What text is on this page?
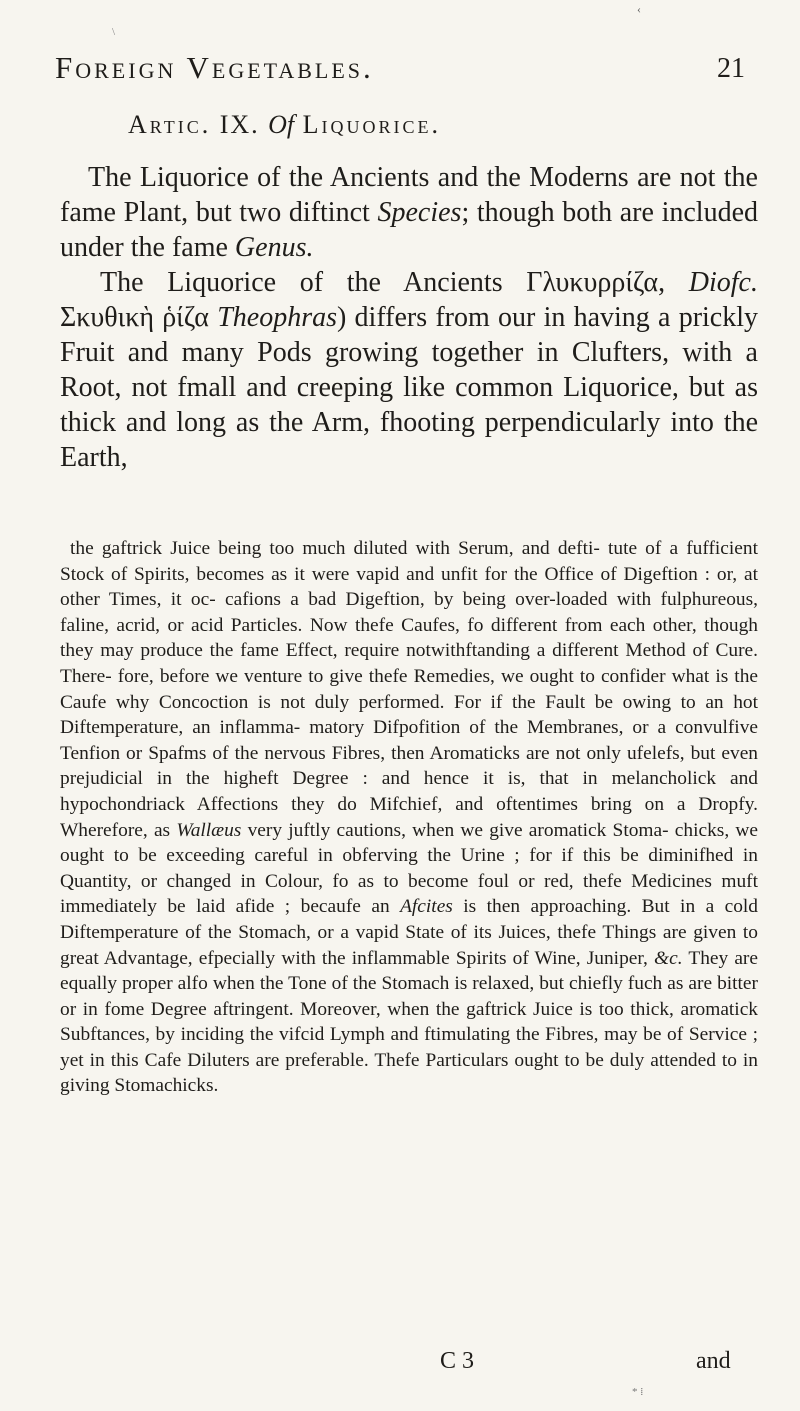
‹
\
Foreign Vegetables.	21
Artic. IX. Of Liquorice.

The Liquorice of the Ancients and the Moderns are not the fame Plant, but two diftinct Species; though both are included under the fame Genus.

The Liquorice of the Ancients Γλυκυρρίζα, Diofc. Σκυθικὴ ῥίζα Theophras) differs from our in having a prickly Fruit and many Pods growing together in Clufters, with a Root, not fmall and creeping like common Liquorice, but as thick and long as the Arm, fhooting perpendicularly into the Earth,

the gaftrick Juice being too much diluted with Serum, and defti- tute of a fufficient Stock of Spirits, becomes as it were vapid and unfit for the Office of Digeftion : or, at other Times, it oc- cafions a bad Digeftion, by being over-loaded with fulphureous, faline, acrid, or acid Particles. Now thefe Caufes, fo different from each other, though they may produce the fame Effect, require notwithftanding a different Method of Cure. There- fore, before we venture to give thefe Remedies, we ought to confider what is the Caufe why Concoction is not duly performed. For if the Fault be owing to an hot Diftemperature, an inflamma- matory Difpofition of the Membranes, or a convulfive Tenfion or Spafms of the nervous Fibres, then Aromaticks are not only ufelefs, but even prejudicial in the higheft Degree : and hence it is, that in melancholick and hypochondriack Affections they do Mifchief, and oftentimes bring on a Dropfy. Wherefore, as Wallæus very juftly cautions, when we give aromatick Stoma- chicks, we ought to be exceeding careful in obferving the Urine ; for if this be diminifhed in Quantity, or changed in Colour, fo as to become foul or red, thefe Medicines muft immediately be laid afide ; becaufe an Afcites is then approaching. But in a cold Diftemperature of the Stomach, or a vapid State of its Juices, thefe Things are given to great Advantage, efpecially with the inflammable Spirits of Wine, Juniper, &c. They are equally proper alfo when the Tone of the Stomach is relaxed, but chiefly fuch as are bitter or in fome Degree aftringent. Moreover, when the gaftrick Juice is too thick, aromatick Subftances, by inciding the vifcid Lymph and ftimulating the Fibres, may be of Service ; yet in this Cafe Diluters are preferable. Thefe Particulars ought to be duly attended to in giving Stomachicks.

C 3	and
* ⁞
